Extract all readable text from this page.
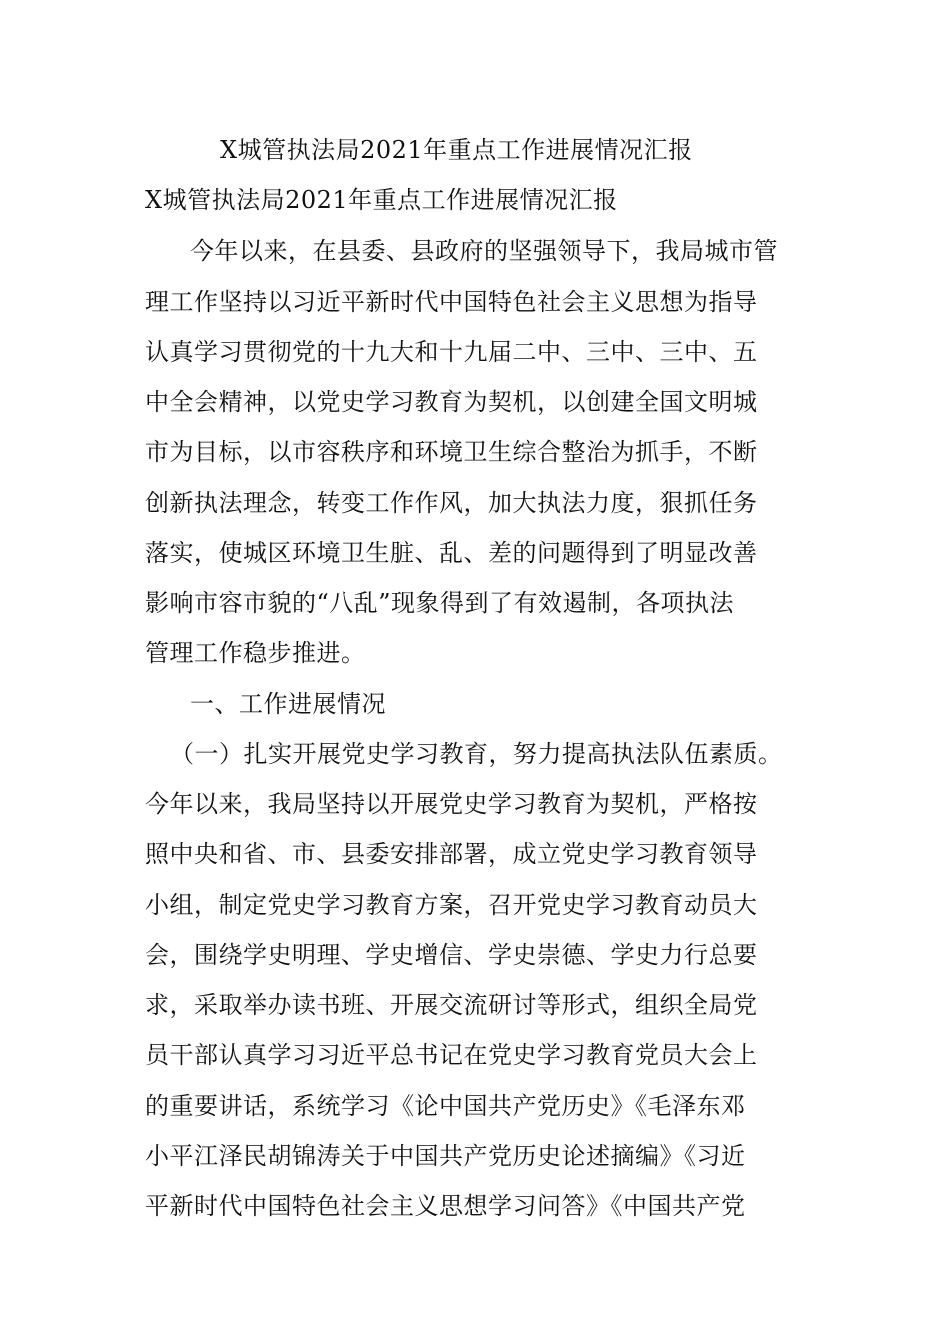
X城管执法局2021年重点工作进展情况汇报
X城管执法局2021年重点工作进展情况汇报
今年以来，在县委、县政府的坚强领导下，我局城市管
理工作坚持以习近平新时代中国特色社会主义思想为指导
认真学习贯彻党的十九大和十九届二中、三中、三中、五
中全会精神，以党史学习教育为契机，以创建全国文明城
市为目标，以市容秩序和环境卫生综合整治为抓手，不断
创新执法理念，转变工作作风，加大执法力度，狠抓任务
落实，使城区环境卫生脏、乱、差的问题得到了明显改善
影响市容市貌的“八乱”现象得到了有效遏制，各项执法
管理工作稳步推进。
一、工作进展情况
（一）扎实开展党史学习教育，努力提高执法队伍素质。
今年以来，我局坚持以开展党史学习教育为契机，严格按
照中央和省、市、县委安排部署，成立党史学习教育领导
小组，制定党史学习教育方案，召开党史学习教育动员大
会，围绕学史明理、学史增信、学史崇德、学史力行总要
求，采取举办读书班、开展交流研讨等形式，组织全局党
员干部认真学习习近平总书记在党史学习教育党员大会上
的重要讲话，系统学习《论中国共产党历史》《毛泽东邓
小平江泽民胡锦涛关于中国共产党历史论述摘编》《习近
平新时代中国特色社会主义思想学习问答》《中国共产党
